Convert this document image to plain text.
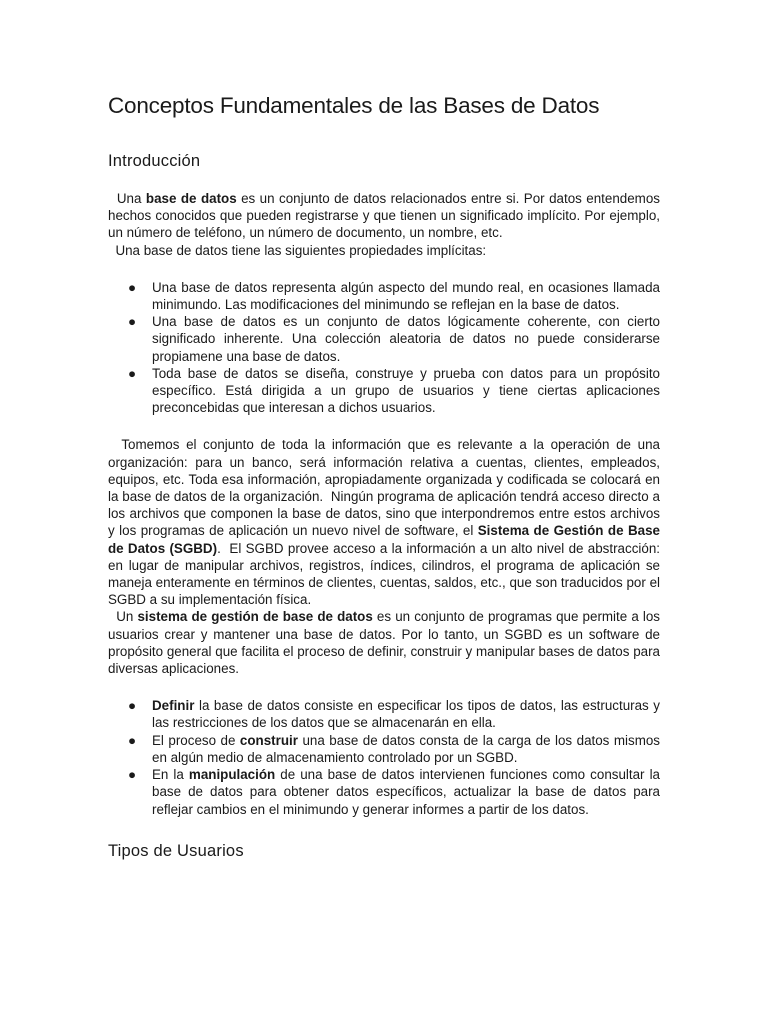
Conceptos Fundamentales de las Bases de Datos
Introducción

Una base de datos es un conjunto de datos relacionados entre si. Por datos entendemos hechos conocidos que pueden registrarse y que tienen un significado implícito. Por ejemplo, un número de teléfono, un número de documento, un nombre, etc.

Una base de datos tiene las siguientes propiedades implícitas:

● Una base de datos representa algún aspecto del mundo real, en ocasiones llamada minimundo. Las modificaciones del minimundo se reflejan en la base de datos.
● Una base de datos es un conjunto de datos lógicamente coherente, con cierto significado inherente. Una colección aleatoria de datos no puede considerarse propiamene una base de datos.
● Toda base de datos se diseña, construye y prueba con datos para un propósito específico. Está dirigida a un grupo de usuarios y tiene ciertas aplicaciones preconcebidas que interesan a dichos usuarios.

Tomemos el conjunto de toda la información que es relevante a la operación de una organización: para un banco, será información relativa a cuentas, clientes, empleados, equipos, etc. Toda esa información, apropiadamente organizada y codificada se colocará en la base de datos de la organización.  Ningún programa de aplicación tendrá acceso directo a los archivos que componen la base de datos, sino que interpondremos entre estos archivos y los programas de aplicación un nuevo nivel de software, el Sistema de Gestión de Base de Datos (SGBD).  El SGBD provee acceso a la información a un alto nivel de abstracción: en lugar de manipular archivos, registros, índices, cilindros, el programa de aplicación se maneja enteramente en términos de clientes, cuentas, saldos, etc., que son traducidos por el SGBD a su implementación física.

Un sistema de gestión de base de datos es un conjunto de programas que permite a los usuarios crear y mantener una base de datos. Por lo tanto, un SGBD es un software de propósito general que facilita el proceso de definir, construir y manipular bases de datos para diversas aplicaciones.

● Definir la base de datos consiste en especificar los tipos de datos, las estructuras y las restricciones de los datos que se almacenarán en ella.
● El proceso de construir una base de datos consta de la carga de los datos mismos en algún medio de almacenamiento controlado por un SGBD.
● En la manipulación de una base de datos intervienen funciones como consultar la base de datos para obtener datos específicos, actualizar la base de datos para reflejar cambios en el minimundo y generar informes a partir de los datos.
Tipos de Usuarios
